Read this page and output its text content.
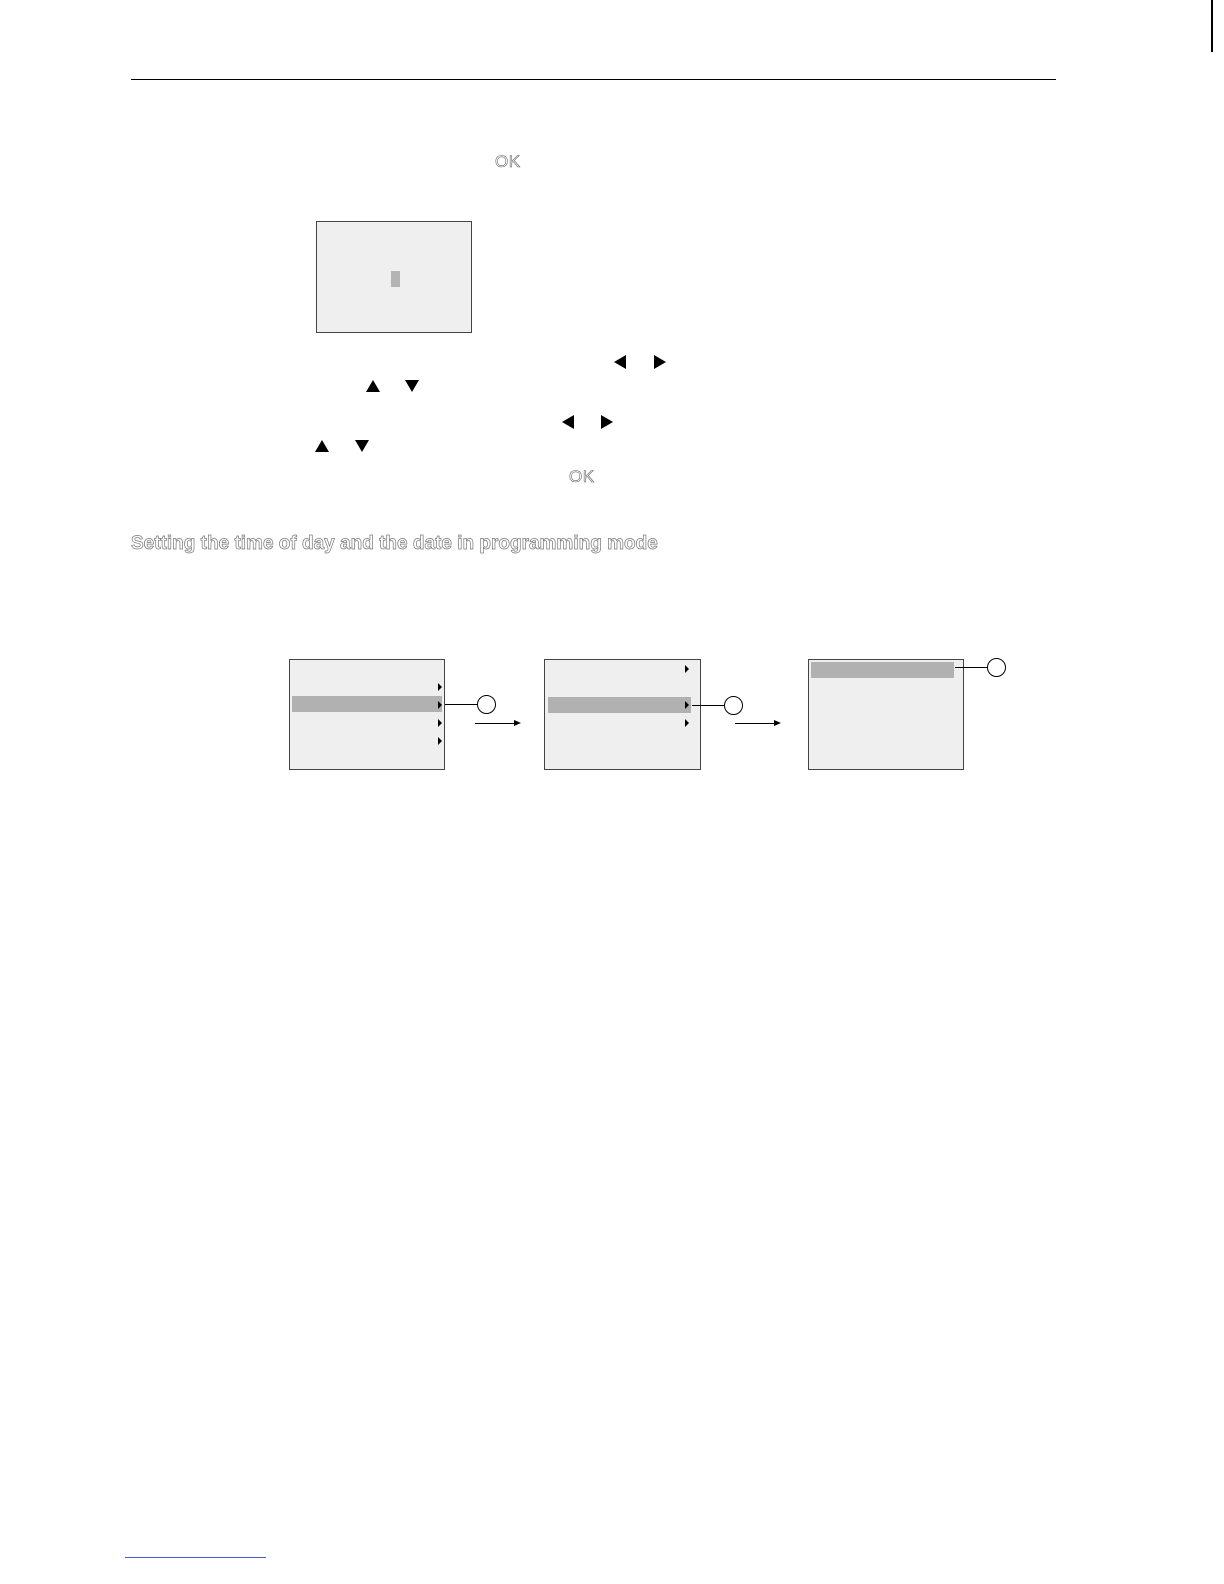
OK
OK
Setting the time of day and the date in programming mode
